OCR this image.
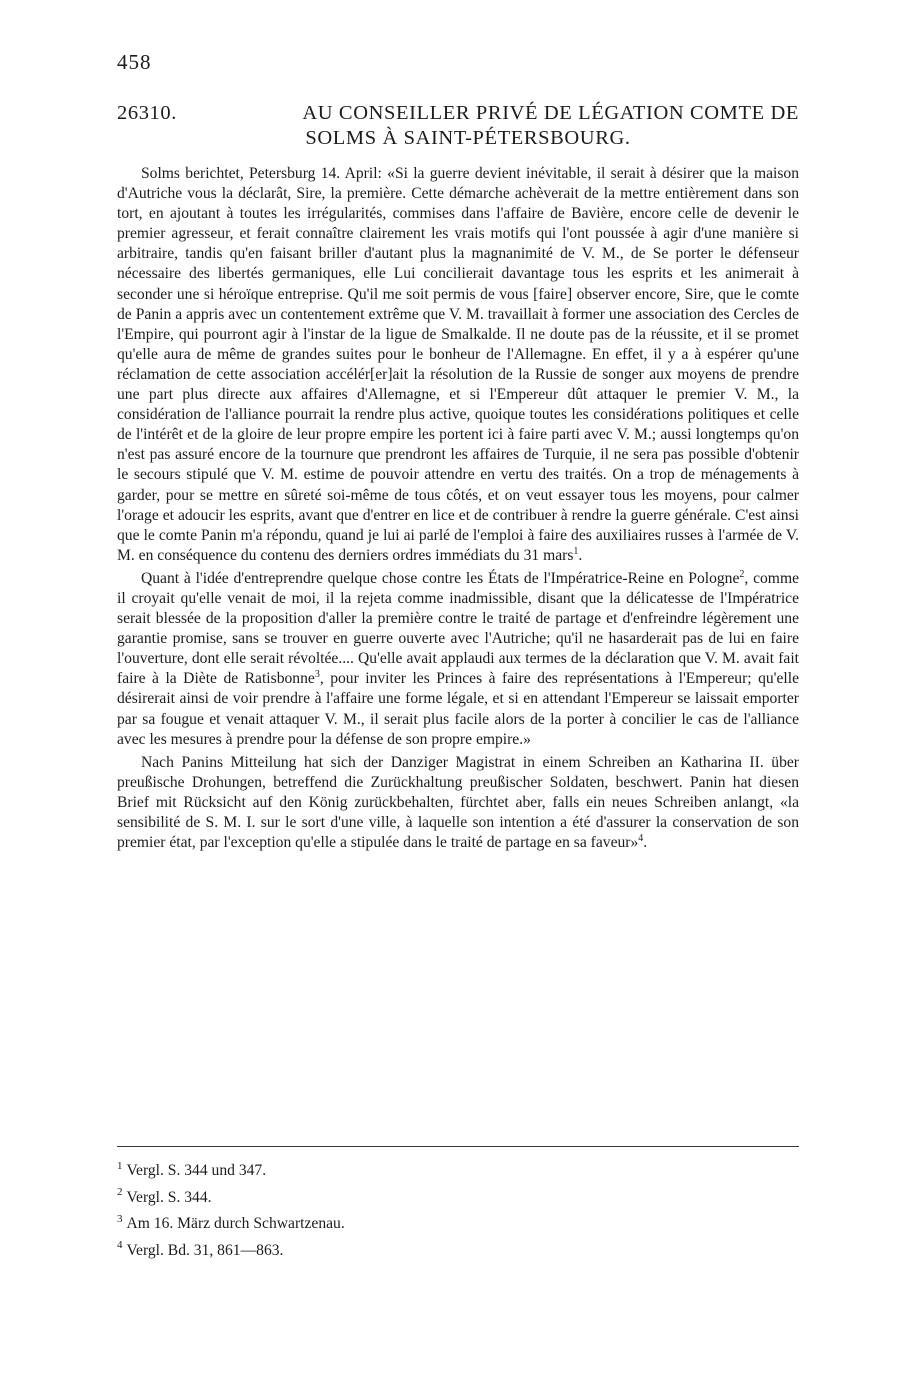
458
26310.	AU CONSEILLER PRIVÉ DE LÉGATION COMTE DE
SOLMS À SAINT-PÉTERSBOURG.

Solms berichtet, Petersburg 14. April: «Si la guerre devient inévitable, il serait à désirer que la maison d'Autriche vous la déclarât, Sire, la première. Cette démarche achèverait de la mettre entièrement dans son tort, en ajoutant à toutes les irrégularités, commises dans l'affaire de Bavière, encore celle de devenir le premier agresseur, et ferait connaître clairement les vrais motifs qui l'ont poussée à agir d'une manière si arbitraire, tandis qu'en faisant briller d'autant plus la magnanimité de V. M., de Se porter le défenseur nécessaire des libertés germaniques, elle Lui concilierait davantage tous les esprits et les animerait à seconder une si héroïque entreprise. Qu'il me soit permis de vous [faire] observer encore, Sire, que le comte de Panin a appris avec un contentement extrême que V. M. travaillait à former une association des Cercles de l'Empire, qui pourront agir à l'instar de la ligue de Smalkalde. Il ne doute pas de la réussite, et il se promet qu'elle aura de même de grandes suites pour le bonheur de l'Allemagne. En effet, il y a à espérer qu'une réclamation de cette association accélér[er]ait la résolution de la Russie de songer aux moyens de prendre une part plus directe aux affaires d'Allemagne, et si l'Empereur dût attaquer le premier V. M., la considération de l'alliance pourrait la rendre plus active, quoique toutes les considérations politiques et celle de l'intérêt et de la gloire de leur propre empire les portent ici à faire parti avec V. M.; aussi longtemps qu'on n'est pas assuré encore de la tournure que prendront les affaires de Turquie, il ne sera pas possible d'obtenir le secours stipulé que V. M. estime de pouvoir attendre en vertu des traités. On a trop de ménagements à garder, pour se mettre en sûreté soi-même de tous côtés, et on veut essayer tous les moyens, pour calmer l'orage et adoucir les esprits, avant que d'entrer en lice et de contribuer à rendre la guerre générale. C'est ainsi que le comte Panin m'a répondu, quand je lui ai parlé de l'emploi à faire des auxiliaires russes à l'armée de V. M. en conséquence du contenu des derniers ordres immédiats du 31 mars$^1$.

Quant à l'idée d'entreprendre quelque chose contre les États de l'Impératrice-Reine en Pologne$^2$, comme il croyait qu'elle venait de moi, il la rejeta comme inadmissible, disant que la délicatesse de l'Impératrice serait blessée de la proposition d'aller la première contre le traité de partage et d'enfreindre légèrement une garantie promise, sans se trouver en guerre ouverte avec l'Autriche; qu'il ne hasarderait pas de lui en faire l'ouverture, dont elle serait révoltée.... Qu'elle avait applaudi aux termes de la déclaration que V. M. avait fait faire à la Diète de Ratisbonne$^3$, pour inviter les Princes à faire des représentations à l'Empereur; qu'elle désirerait ainsi de voir prendre à l'affaire une forme légale, et si en attendant l'Empereur se laissait emporter par sa fougue et venait attaquer V. M., il serait plus facile alors de la porter à concilier le cas de l'alliance avec les mesures à prendre pour la défense de son propre empire.»

Nach Panins Mitteilung hat sich der Danziger Magistrat in einem Schreiben an Katharina II. über preußische Drohungen, betreffend die Zurückhaltung preußischer Soldaten, beschwert. Panin hat diesen Brief mit Rücksicht auf den König zurückbehalten, fürchtet aber, falls ein neues Schreiben anlangt, «la sensibilité de S. M. I. sur le sort d'une ville, à laquelle son intention a été d'assurer la conservation de son premier état, par l'exception qu'elle a stipulée dans le traité de partage en sa faveur»$^4$.

$^1$ Vergl. S. 344 und 347.
$^2$ Vergl. S. 344.
$^3$ Am 16. März durch Schwartzenau.
$^4$ Vergl. Bd. 31, 861—863.
